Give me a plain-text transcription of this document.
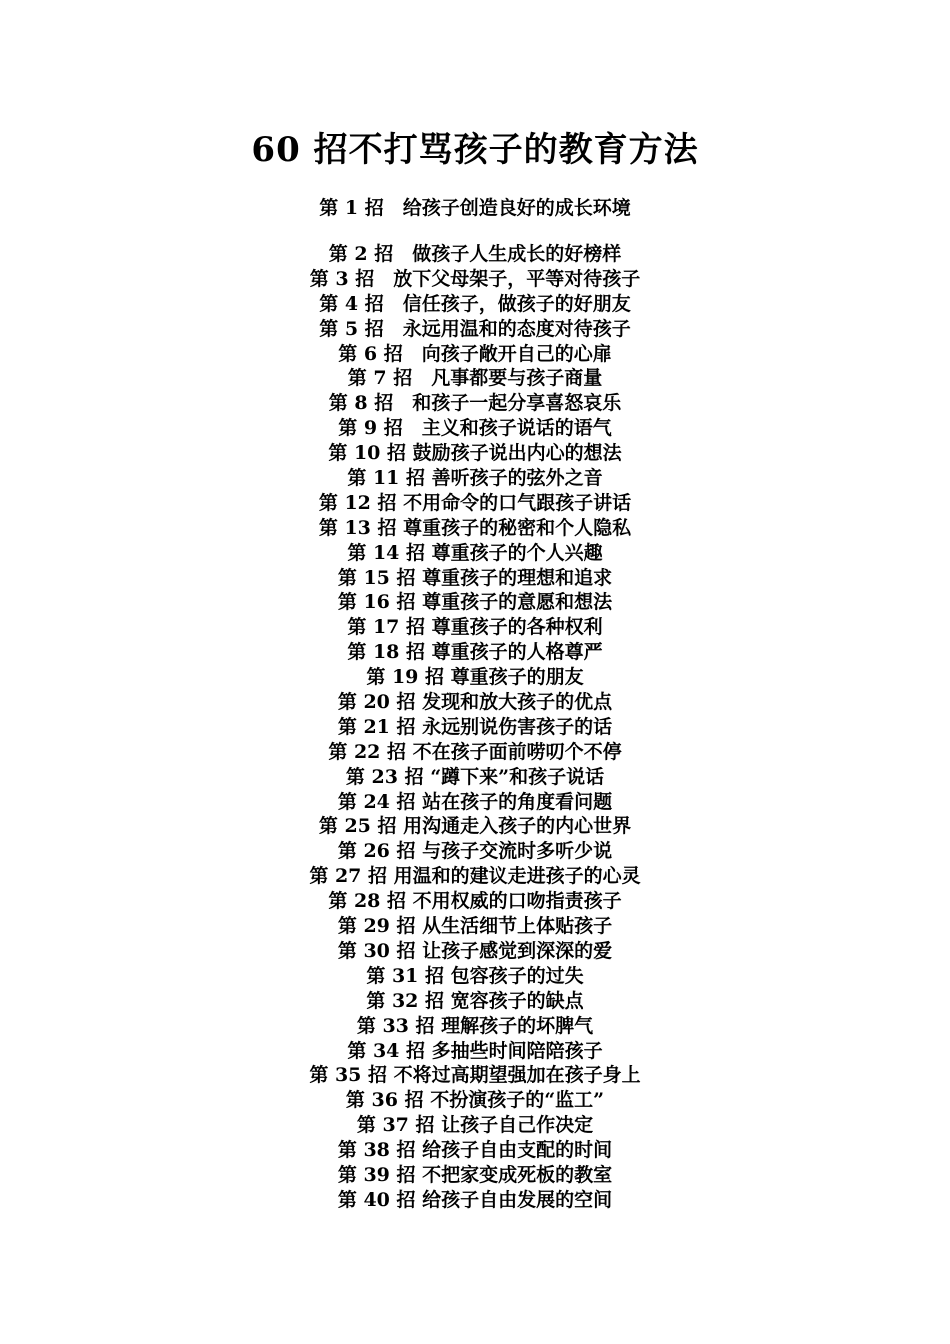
60 招不打骂孩子的教育方法
第 1 招　给孩子创造良好的成长环境
第 2 招　做孩子人生成长的好榜样
第 3 招　放下父母架子，平等对待孩子
第 4 招　信任孩子，做孩子的好朋友
第 5 招　永远用温和的态度对待孩子
第 6 招　向孩子敞开自己的心扉
第 7 招　凡事都要与孩子商量
第 8 招　和孩子一起分享喜怒哀乐
第 9 招　主义和孩子说话的语气
第 10 招 鼓励孩子说出内心的想法
第 11 招 善听孩子的弦外之音
第 12 招 不用命令的口气跟孩子讲话
第 13 招 尊重孩子的秘密和个人隐私
第 14 招 尊重孩子的个人兴趣
第 15 招 尊重孩子的理想和追求
第 16 招 尊重孩子的意愿和想法
第 17 招 尊重孩子的各种权利
第 18 招 尊重孩子的人格尊严
第 19 招 尊重孩子的朋友
第 20 招 发现和放大孩子的优点
第 21 招 永远别说伤害孩子的话
第 22 招 不在孩子面前唠叨个不停
第 23 招 “蹲下来”和孩子说话
第 24 招 站在孩子的角度看问题
第 25 招 用沟通走入孩子的内心世界
第 26 招 与孩子交流时多听少说
第 27 招 用温和的建议走进孩子的心灵
第 28 招 不用权威的口吻指责孩子
第 29 招 从生活细节上体贴孩子
第 30 招 让孩子感觉到深深的爱
第 31 招 包容孩子的过失
第 32 招 宽容孩子的缺点
第 33 招 理解孩子的坏脾气
第 34 招 多抽些时间陪陪孩子
第 35 招 不将过高期望强加在孩子身上
第 36 招 不扮演孩子的“监工”
第 37 招 让孩子自己作决定
第 38 招 给孩子自由支配的时间
第 39 招 不把家变成死板的教室
第 40 招 给孩子自由发展的空间
